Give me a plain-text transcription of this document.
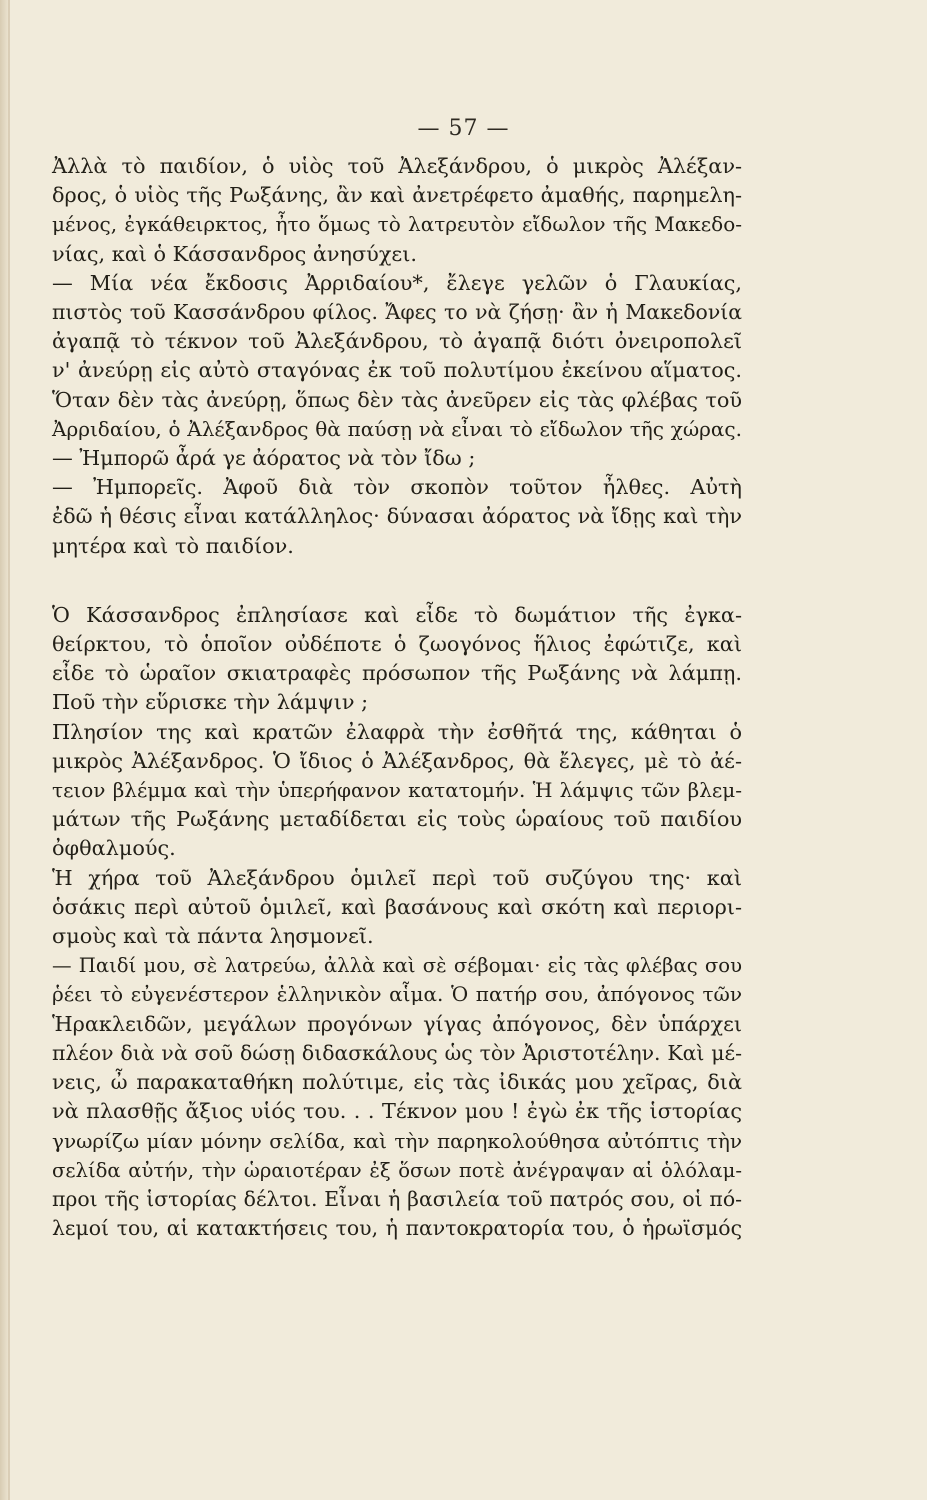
— 57 —
Ἀλλὰ τὸ παιδίον, ὁ υἱὸς τοῦ Ἀλεξάνδρου, ὁ μικρὸς Ἀλέξαν-
δρος, ὁ υἱὸς τῆς Ρωξάνης, ἂν καὶ ἀνετρέφετο ἀμαθής, παρημελη-
μένος, ἐγκάθειρκτος, ἦτο ὅμως τὸ λατρευτὸν εἴδωλον τῆς Μακεδο-
νίας, καὶ ὁ Κάσσανδρος ἀνησύχει.
— Μία νέα ἔκδοσις Ἀρριδαίου*, ἔλεγε γελῶν ὁ Γλαυκίας,
πιστὸς τοῦ Κασσάνδρου φίλος. Ἄφες το νὰ ζήσῃ· ἂν ἡ Μακεδονία
ἀγαπᾷ τὸ τέκνον τοῦ Ἀλεξάνδρου, τὸ ἀγαπᾷ διότι ὀνειροπολεῖ
ν' ἀνεύρῃ εἰς αὐτὸ σταγόνας ἐκ τοῦ πολυτίμου ἐκείνου αἵματος.
Ὅταν δὲν τὰς ἀνεύρῃ, ὅπως δὲν τὰς ἀνεῦρεν εἰς τὰς φλέβας τοῦ
Ἀρριδαίου, ὁ Ἀλέξανδρος θὰ παύσῃ νὰ εἶναι τὸ εἴδωλον τῆς χώρας.
— Ἠμπορῶ ἆρά γε ἀόρατος νὰ τὸν ἴδω ;
— Ἠμπορεῖς. Ἀφοῦ διὰ τὸν σκοπὸν τοῦτον ἦλθες. Αὐτὴ
ἐδῶ ἡ θέσις εἶναι κατάλληλος· δύνασαι ἀόρατος νὰ ἴδῃς καὶ τὴν
μητέρα καὶ τὸ παιδίον.
Ὁ Κάσσανδρος ἐπλησίασε καὶ εἶδε τὸ δωμάτιον τῆς ἐγκα-
θείρκτου, τὸ ὁποῖον οὐδέποτε ὁ ζωογόνος ἥλιος ἐφώτιζε, καὶ
εἶδε τὸ ὡραῖον σκιατραφὲς πρόσωπον τῆς Ρωξάνης νὰ λάμπῃ.
Ποῦ τὴν εὕρισκε τὴν λάμψιν ;
Πλησίον της καὶ κρατῶν ἐλαφρὰ τὴν ἐσθῆτά της, κάθηται ὁ
μικρὸς Ἀλέξανδρος. Ὁ ἴδιος ὁ Ἀλέξανδρος, θὰ ἔλεγες, μὲ τὸ ἀέ-
τειον βλέμμα καὶ τὴν ὑπερήφανον κατατομήν. Ἡ λάμψις τῶν βλεμ-
μάτων τῆς Ρωξάνης μεταδίδεται εἰς τοὺς ὡραίους τοῦ παιδίου
ὀφθαλμούς.
Ἡ χήρα τοῦ Ἀλεξάνδρου ὁμιλεῖ περὶ τοῦ συζύγου της· καὶ
ὁσάκις περὶ αὐτοῦ ὁμιλεῖ, καὶ βασάνους καὶ σκότη καὶ περιορι-
σμοὺς καὶ τὰ πάντα λησμονεῖ.
— Παιδί μου, σὲ λατρεύω, ἀλλὰ καὶ σὲ σέβομαι· εἰς τὰς φλέβας σου
ῥέει τὸ εὐγενέστερον ἑλληνικὸν αἷμα. Ὁ πατήρ σου, ἀπόγονος τῶν
Ἡρακλειδῶν, μεγάλων προγόνων γίγας ἀπόγονος, δὲν ὑπάρχει
πλέον διὰ νὰ σοῦ δώσῃ διδασκάλους ὡς τὸν Ἀριστοτέλην. Καὶ μέ-
νεις, ὦ παρακαταθήκη πολύτιμε, εἰς τὰς ἰδικάς μου χεῖρας, διὰ
νὰ πλασθῇς ἄξιος υἱός του. . . Τέκνον μου ! ἐγὼ ἐκ τῆς ἱστορίας
γνωρίζω μίαν μόνην σελίδα, καὶ τὴν παρηκολούθησα αὐτόπτις τὴν
σελίδα αὐτήν, τὴν ὡραιοτέραν ἐξ ὅσων ποτὲ ἀνέγραψαν αἱ ὁλόλαμ-
προι τῆς ἱστορίας δέλτοι. Εἶναι ἡ βασιλεία τοῦ πατρός σου, οἱ πό-
λεμοί του, αἱ κατακτήσεις του, ἡ παντοκρατορία του, ὁ ἡρωϊσμός
